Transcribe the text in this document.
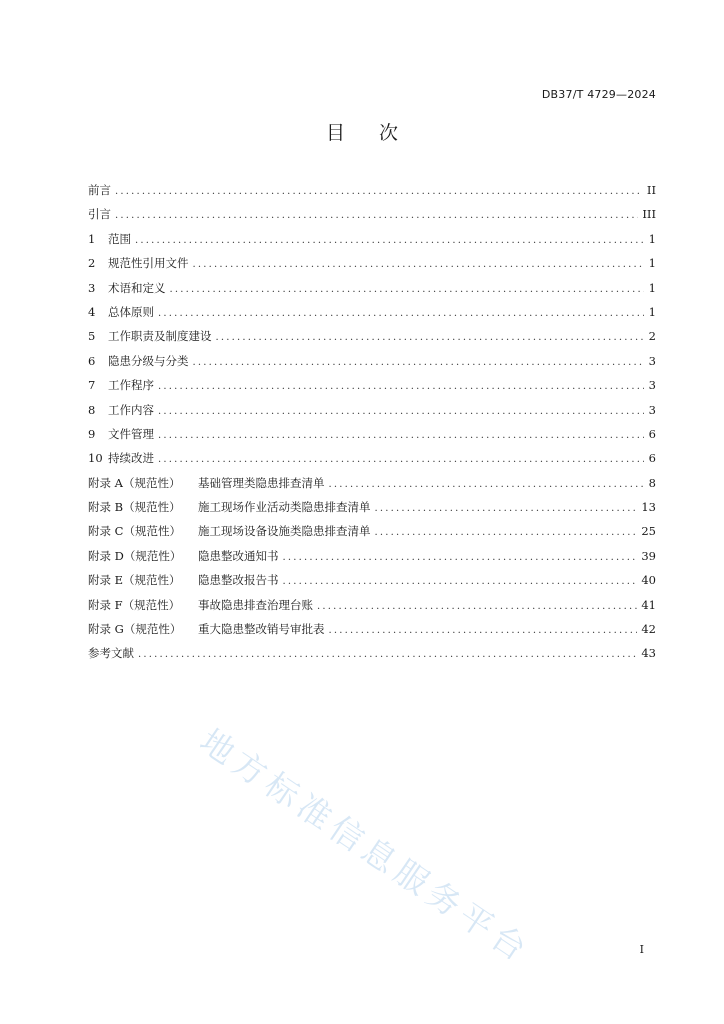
DB37/T 4729—2024
目 次
前言 .....	II
引言 .....	III
1	范围 .....	1
2	规范性引用文件 .....	1
3	术语和定义 .....	1
4	总体原则 .....	1
5	工作职责及制度建设 .....	2
6	隐患分级与分类 .....	3
7	工作程序 .....	3
8	工作内容 .....	3
9	文件管理 .....	6
10 持续改进 .....	6
附录 A（规范性）	基础管理类隐患排查清单 .....	8
附录 B（规范性）	施工现场作业活动类隐患排查清单 .....	13
附录 C（规范性）	施工现场设备设施类隐患排查清单 .....	25
附录 D（规范性）	隐患整改通知书 .....	39
附录 E（规范性）	隐患整改报告书 .....	40
附录 F（规范性）	事故隐患排查治理台账 .....	41
附录 G（规范性）	重大隐患整改销号审批表 .....	42
参考文献 .....	43
地方标准信息服务平台	I
